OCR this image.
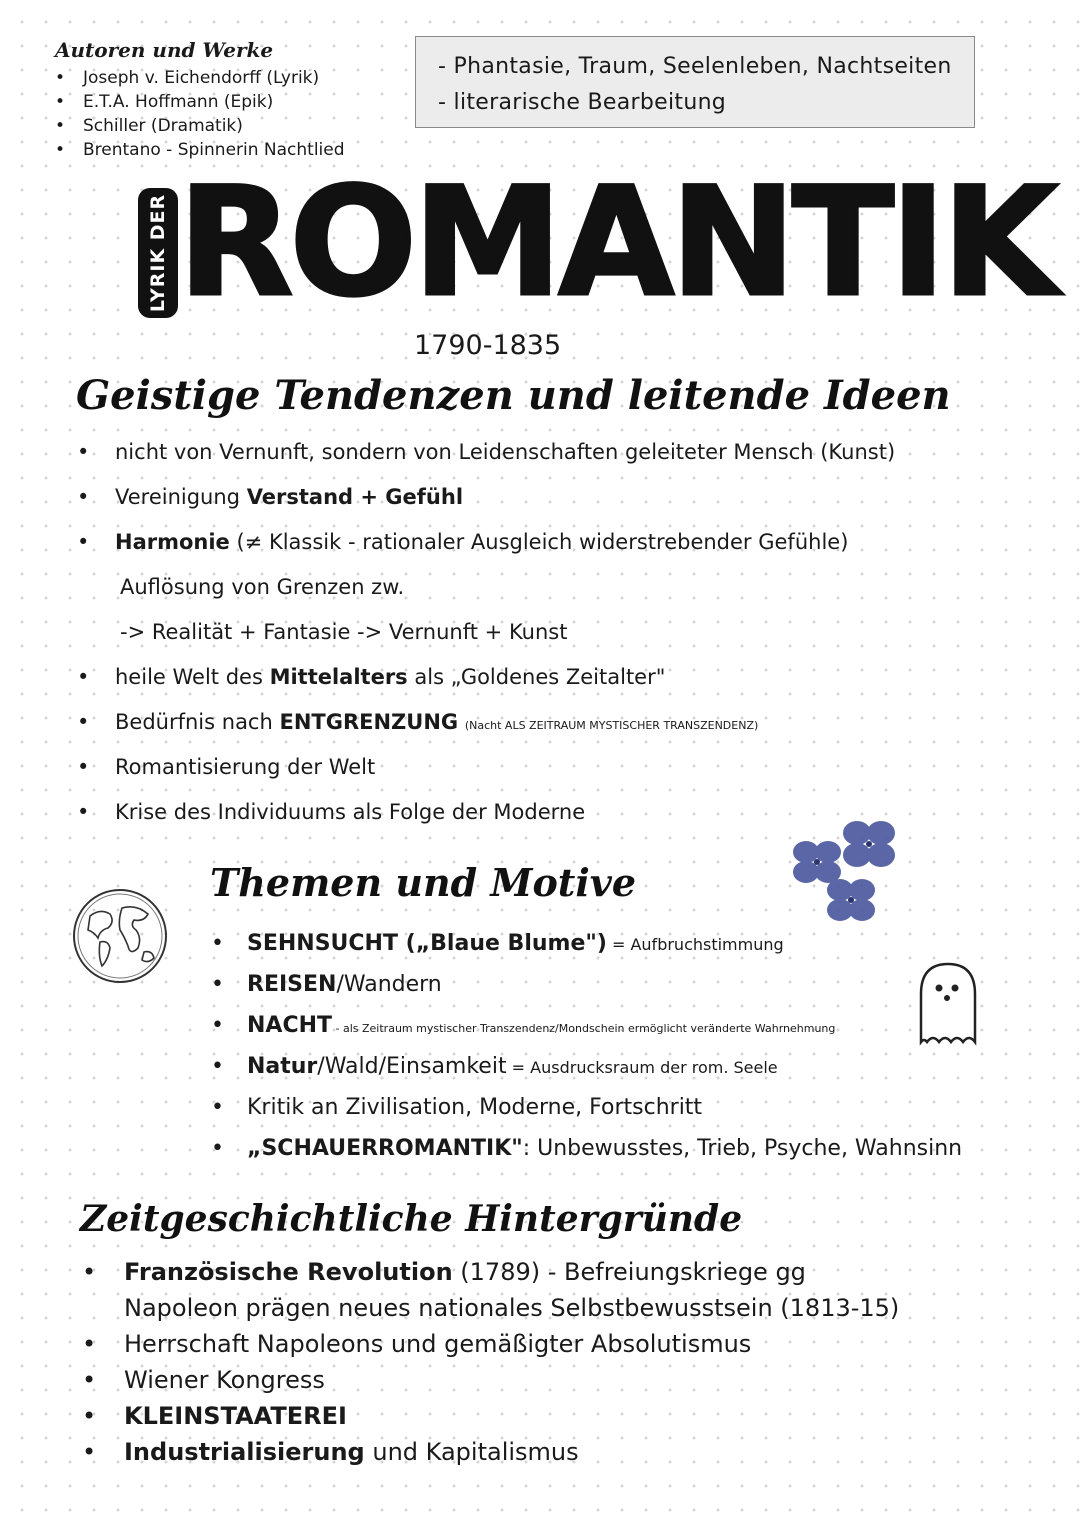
Autoren und Werke
• Joseph v. Eichendorff (Lyrik)
• E.T.A. Hoffmann (Epik)
• Schiller (Dramatik)
• Brentano - Spinnerin Nachtlied
- Phantasie, Traum, Seelenleben, Nachtseiten
- literarische Bearbeitung
LYRIK DER ROMANTIK
1790-1835
Geistige Tendenzen und leitende Ideen
• nicht von Vernunft, sondern von Leidenschaften geleiteter Mensch (Kunst)
• Vereinigung Verstand + Gefühl
• Harmonie (≠ Klassik - rationaler Ausgleich widerstrebender Gefühle)
Auflösung von Grenzen zw.
-> Realität + Fantasie -> Vernunft + Kunst
• heile Welt des Mittelalters als „Goldenes Zeitalter"
• Bedürfnis nach ENTGRENZUNG (Nacht ALS ZEITRAUM MYSTISCHER TRANSZENDENZ)
• Romantisierung der Welt
• Krise des Individuums als Folge der Moderne
Themen und Motive
• SEHNSUCHT („Blaue Blume") = Aufbruchstimmung
• REISEN/Wandern
• NACHT - als Zeitraum mystischer Transzendenz/Mondschein ermöglicht veränderte Wahrnehmung
• Natur/Wald/Einsamkeit = Ausdrucksraum der rom. Seele
• Kritik an Zivilisation, Moderne, Fortschritt
• „SCHAUERROMANTIK": Unbewusstes, Trieb, Psyche, Wahnsinn
Zeitgeschichtliche Hintergründe
• Französische Revolution (1789) - Befreiungskriege gg
Napoleon prägen neues nationales Selbstbewusstsein (1813-15)
• Herrschaft Napoleons und gemäßigter Absolutismus
• Wiener Kongress
• KLEINSTAATEREI
• Industrialisierung und Kapitalismus
